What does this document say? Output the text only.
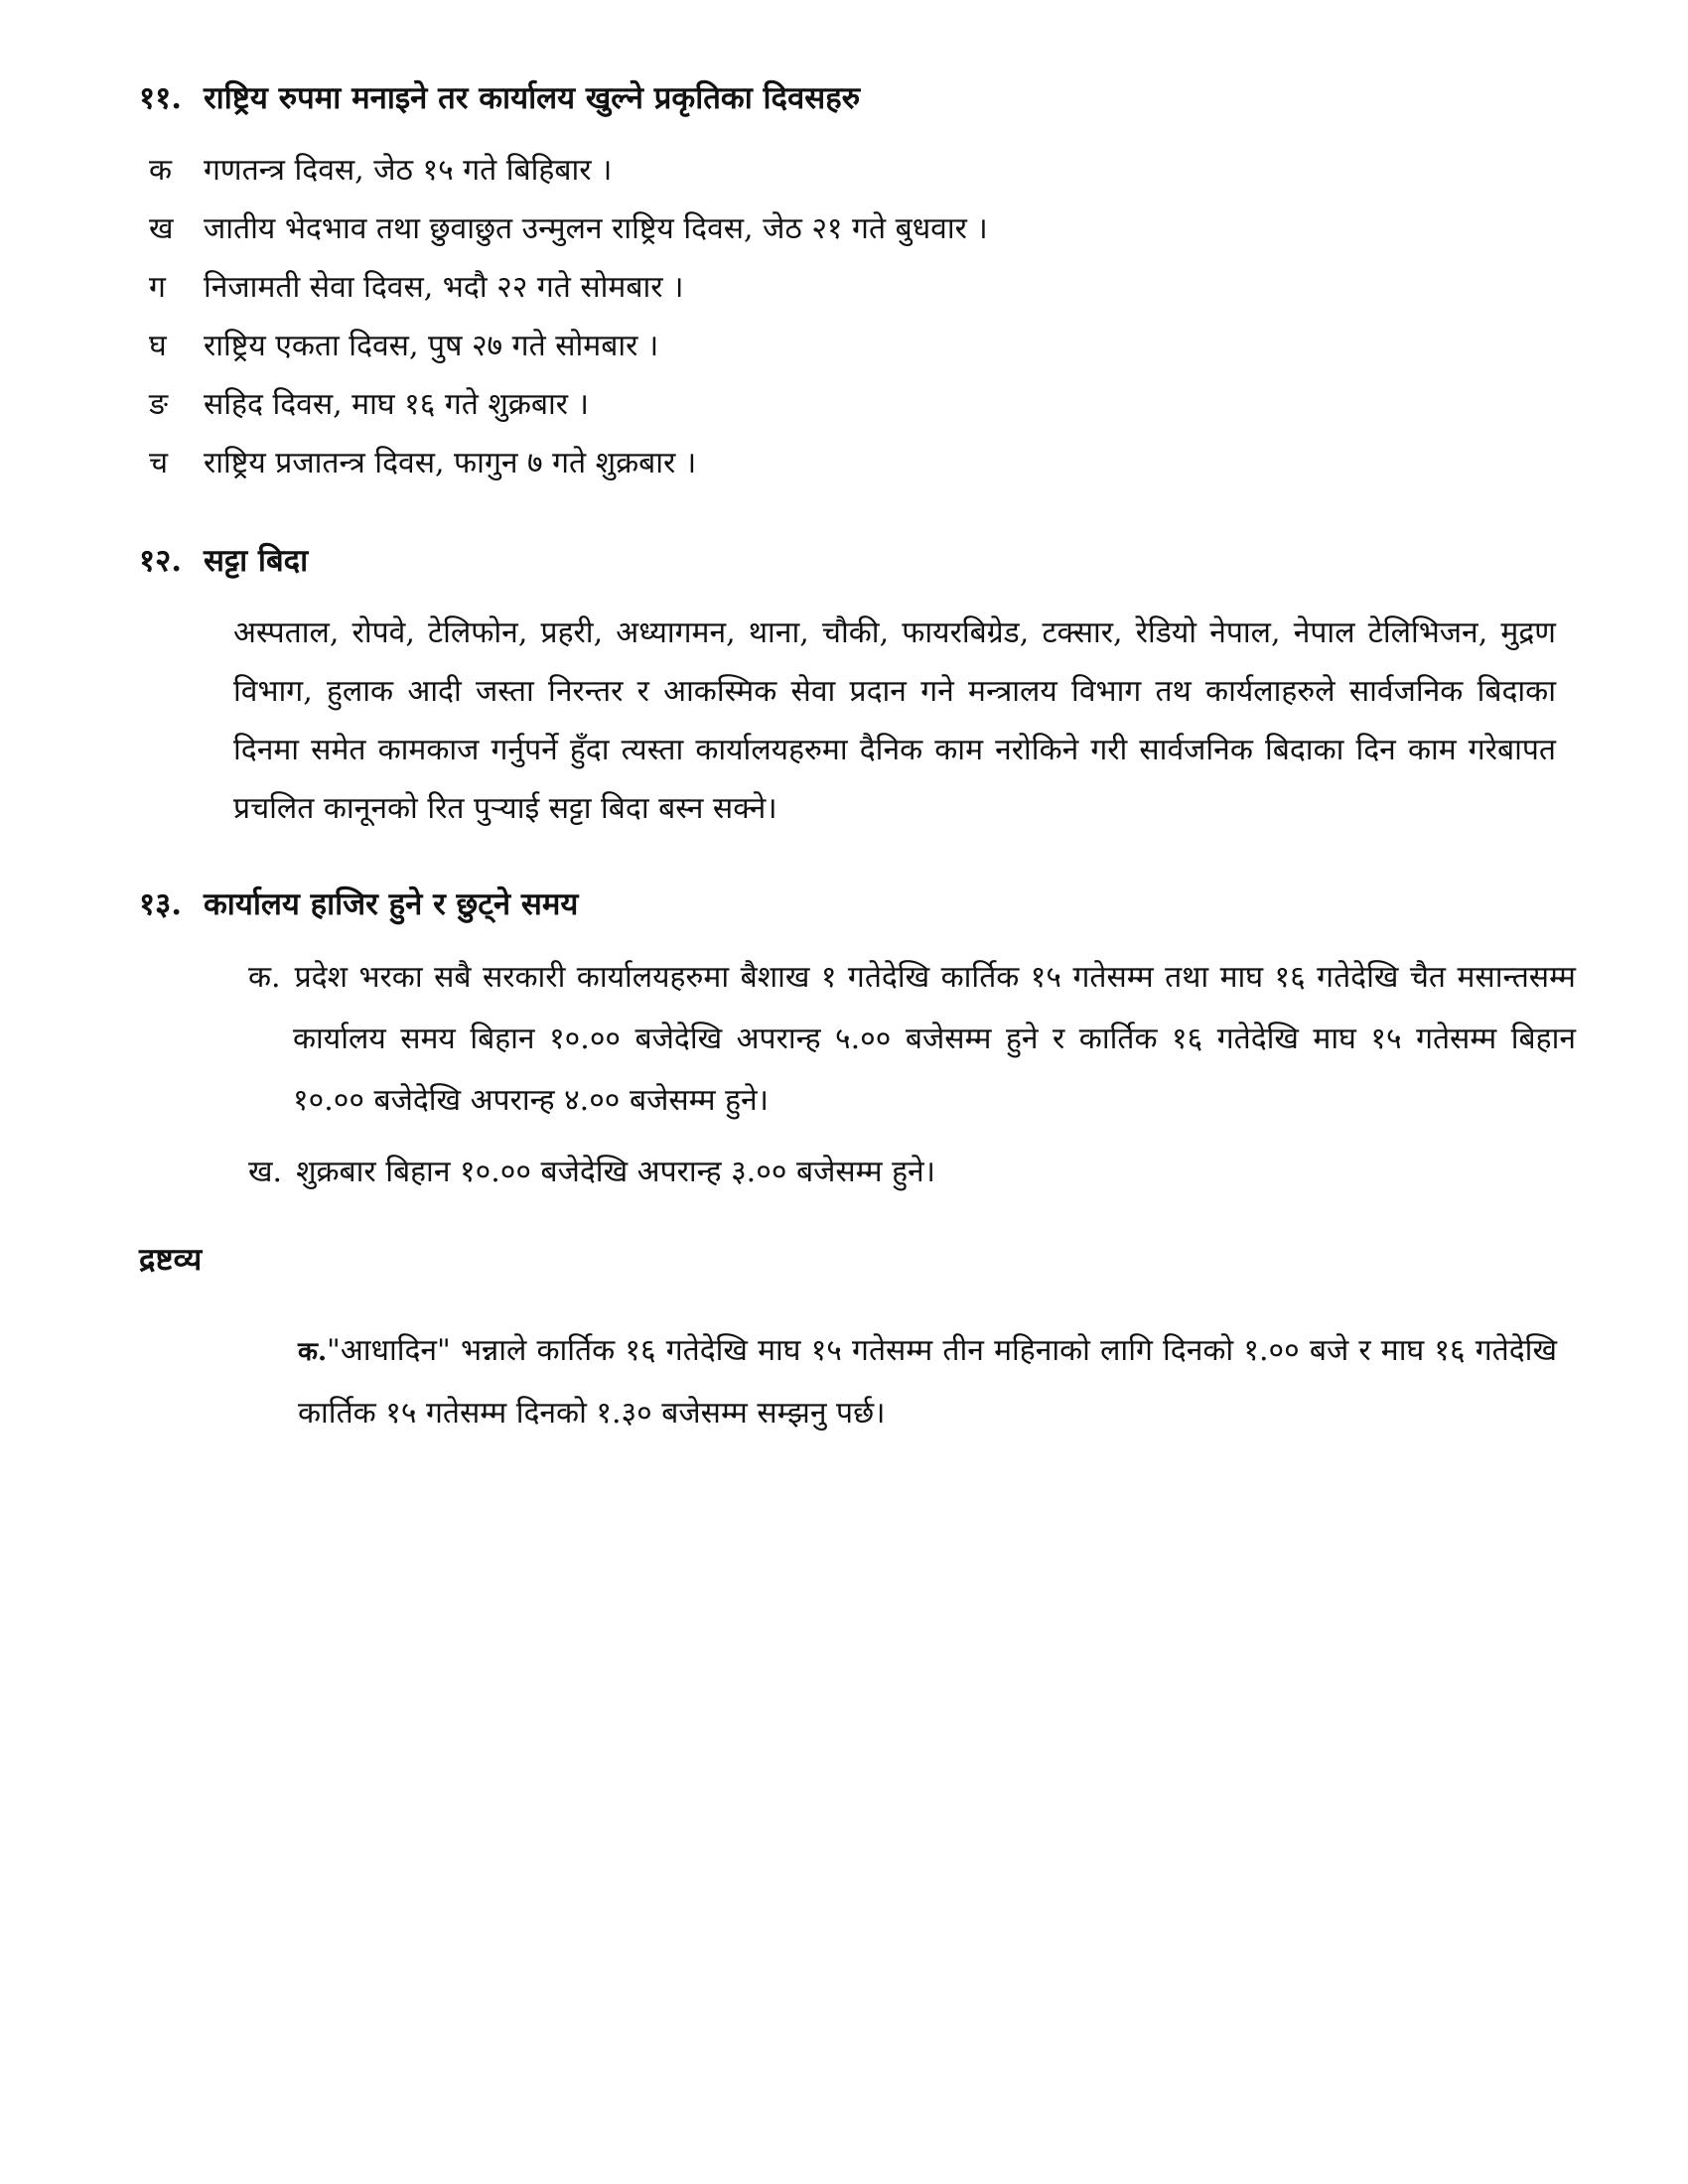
११. राष्ट्रिय रुपमा मनाइने तर कार्यालय खुल्ने प्रकृतिका दिवसहरु
क	गणतन्त्र दिवस, जेठ १५ गते बिहिबार ।
ख	जातीय भेदभाव तथा छुवाछुत उन्मुलन राष्ट्रिय दिवस, जेठ २१ गते बुधवार ।
ग	निजामती सेवा दिवस, भदौ २२ गते सोमबार ।
घ	राष्ट्रिय एकता दिवस, पुष २७ गते सोमबार ।
ङ	सहिद दिवस, माघ १६ गते शुक्रबार ।
च	राष्ट्रिय प्रजातन्त्र दिवस, फागुन ७ गते शुक्रबार ।
१२. सट्टा बिदा
अस्पताल, रोपवे, टेलिफोन, प्रहरी, अध्यागमन, थाना, चौकी, फायरबिग्रेड, टक्सार, रेडियो नेपाल, नेपाल टेलिभिजन, मुद्रण विभाग, हुलाक आदी जस्ता निरन्तर र आकस्मिक सेवा प्रदान गने मन्त्रालय विभाग तथ कार्यलाहरुले सार्वजनिक बिदाका दिनमा समेत कामकाज गर्नुपर्ने हुँदा त्यस्ता कार्यालयहरुमा दैनिक काम नरोकिने गरी सार्वजनिक बिदाका दिन काम गरेबापत प्रचलित कानूनको रित पुऱ्याई सट्टा बिदा बस्न सक्ने।
१३. कार्यालय हाजिर हुने र छुट्ने समय
क. प्रदेश भरका सबै सरकारी कार्यालयहरुमा बैशाख १ गतेदेखि कार्तिक १५ गतेसम्म तथा माघ १६ गतेदेखि चैत मसान्तसम्म कार्यालय समय बिहान १०.०० बजेदेखि अपरान्ह ५.०० बजेसम्म हुने र कार्तिक १६ गतेदेखि माघ १५ गतेसम्म बिहान १०.०० बजेदेखि अपरान्ह ४.०० बजेसम्म हुने।
ख. शुक्रबार बिहान १०.०० बजेदेखि अपरान्ह ३.०० बजेसम्म हुने।
द्रष्टव्य
क."आधादिन" भन्नाले कार्तिक १६ गतेदेखि माघ १५ गतेसम्म तीन महिनाको लागि दिनको १.०० बजे र माघ १६ गतेदेखि कार्तिक १५ गतेसम्म दिनको १.३० बजेसम्म सम्झनु पर्छ।
